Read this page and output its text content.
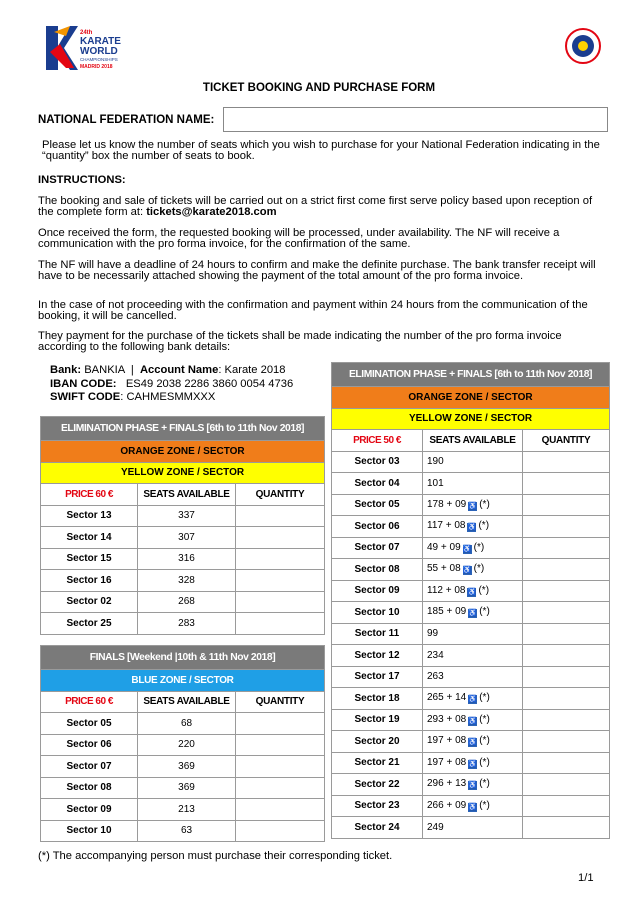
24th
KARATE
WORLD
CHAMPIONSHIPS
MADRID 2018
TICKET BOOKING AND PURCHASE FORM
NATIONAL FEDERATION NAME:
Please let us know the number of seats which you wish to purchase for your National Federation indicating in the “quantity” box the number of seats to book.
INSTRUCTIONS:
The booking and sale of tickets will be carried out on a strict first come first serve policy based upon reception of the complete form at: tickets@karate2018.com
Once received the form, the requested booking will be processed, under availability. The NF will receive a communication with the pro forma invoice, for the confirmation of the same.
The NF will have a deadline of 24 hours to confirm and make the definite purchase. The bank transfer receipt will have to be necessarily attached showing the payment of the total amount of the pro forma invoice.
In the case of not proceeding with the confirmation and payment within 24 hours from the communication of the booking, it will be cancelled.
They payment for the purchase of the tickets shall be made indicating the number of the pro forma invoice according to the following bank details:
Bank: BANKIA | Account Name: Karate 2018
IBAN CODE: ES49 2038 2286 3860 0054 4736
SWIFT CODE: CAHMESMMXXX
ELIMINATION PHASE + FINALS [6th to 11th Nov 2018]		
ORANGE ZONE / SECTOR		
YELLOW ZONE / SECTOR		
PRICE 60 €	SEATS AVAILABLE	QUANTITY
Sector 13	337	
Sector 14	307	
Sector 15	316	
Sector 16	328	
Sector 02	268	
Sector 25	283	
FINALS [Weekend |10th & 11th Nov 2018]		
BLUE ZONE / SECTOR		
PRICE 60 €	SEATS AVAILABLE	QUANTITY
Sector 05	68	
Sector 06	220	
Sector 07	369	
Sector 08	369	
Sector 09	213	
Sector 10	63	
ELIMINATION PHASE + FINALS [6th to 11th Nov 2018]		
ORANGE ZONE / SECTOR		
YELLOW ZONE / SECTOR		
PRICE 50 €	SEATS AVAILABLE	QUANTITY
Sector 03	190	
Sector 04	101	
Sector 05	178 + 09 ♿ (*)	
Sector 06	117 + 08 ♿ (*)	
Sector 07	49 + 09 ♿ (*)	
Sector 08	55 + 08 ♿ (*)	
Sector 09	112 + 08 ♿ (*)	
Sector 10	185 + 09 ♿ (*)	
Sector 11	99	
Sector 12	234	
Sector 17	263	
Sector 18	265 + 14 ♿ (*)	
Sector 19	293 + 08 ♿ (*)	
Sector 20	197 + 08 ♿ (*)	
Sector 21	197 + 08 ♿ (*)	
Sector 22	296 + 13 ♿ (*)	
Sector 23	266 + 09 ♿ (*)	
Sector 24	249	
(*) The accompanying person must purchase their corresponding ticket.
1/1
